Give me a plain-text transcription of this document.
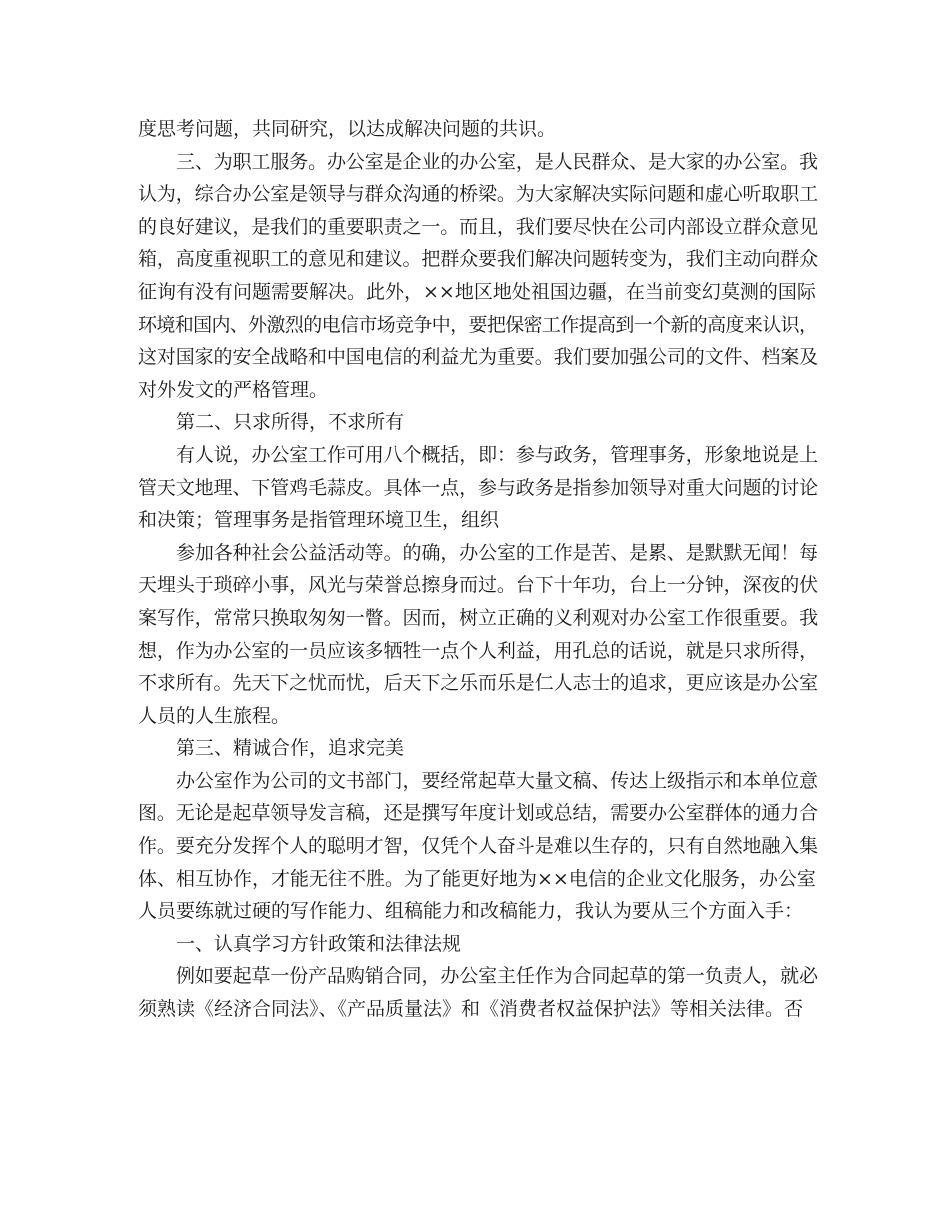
度思考问题，共同研究，以达成解决问题的共识。
三、为职工服务。办公室是企业的办公室，是人民群众、是大家的办公室。我
认为，综合办公室是领导与群众沟通的桥梁。为大家解决实际问题和虚心听取职工
的良好建议，是我们的重要职责之一。而且，我们要尽快在公司内部设立群众意见
箱，高度重视职工的意见和建议。把群众要我们解决问题转变为，我们主动向群众
征询有没有问题需要解决。此外，××地区地处祖国边疆，在当前变幻莫测的国际
环境和国内、外激烈的电信市场竞争中，要把保密工作提高到一个新的高度来认识，
这对国家的安全战略和中国电信的利益尤为重要。我们要加强公司的文件、档案及
对外发文的严格管理。
第二、只求所得，不求所有
有人说，办公室工作可用八个概括，即：参与政务，管理事务，形象地说是上
管天文地理、下管鸡毛蒜皮。具体一点，参与政务是指参加领导对重大问题的讨论
和决策；管理事务是指管理环境卫生，组织
参加各种社会公益活动等。的确，办公室的工作是苦、是累、是默默无闻！每
天埋头于琐碎小事，风光与荣誉总擦身而过。台下十年功，台上一分钟，深夜的伏
案写作，常常只换取匆匆一瞥。因而，树立正确的义利观对办公室工作很重要。我
想，作为办公室的一员应该多牺牲一点个人利益，用孔总的话说，就是只求所得，
不求所有。先天下之忧而忧，后天下之乐而乐是仁人志士的追求，更应该是办公室
人员的人生旅程。
第三、精诚合作，追求完美
办公室作为公司的文书部门，要经常起草大量文稿、传达上级指示和本单位意
图。无论是起草领导发言稿，还是撰写年度计划或总结，需要办公室群体的通力合
作。要充分发挥个人的聪明才智，仅凭个人奋斗是难以生存的，只有自然地融入集
体、相互协作，才能无往不胜。为了能更好地为××电信的企业文化服务，办公室
人员要练就过硬的写作能力、组稿能力和改稿能力，我认为要从三个方面入手：
一、认真学习方针政策和法律法规
例如要起草一份产品购销合同，办公室主任作为合同起草的第一负责人，就必
须熟读《经济合同法》、《产品质量法》和《消费者权益保护法》等相关法律。否
